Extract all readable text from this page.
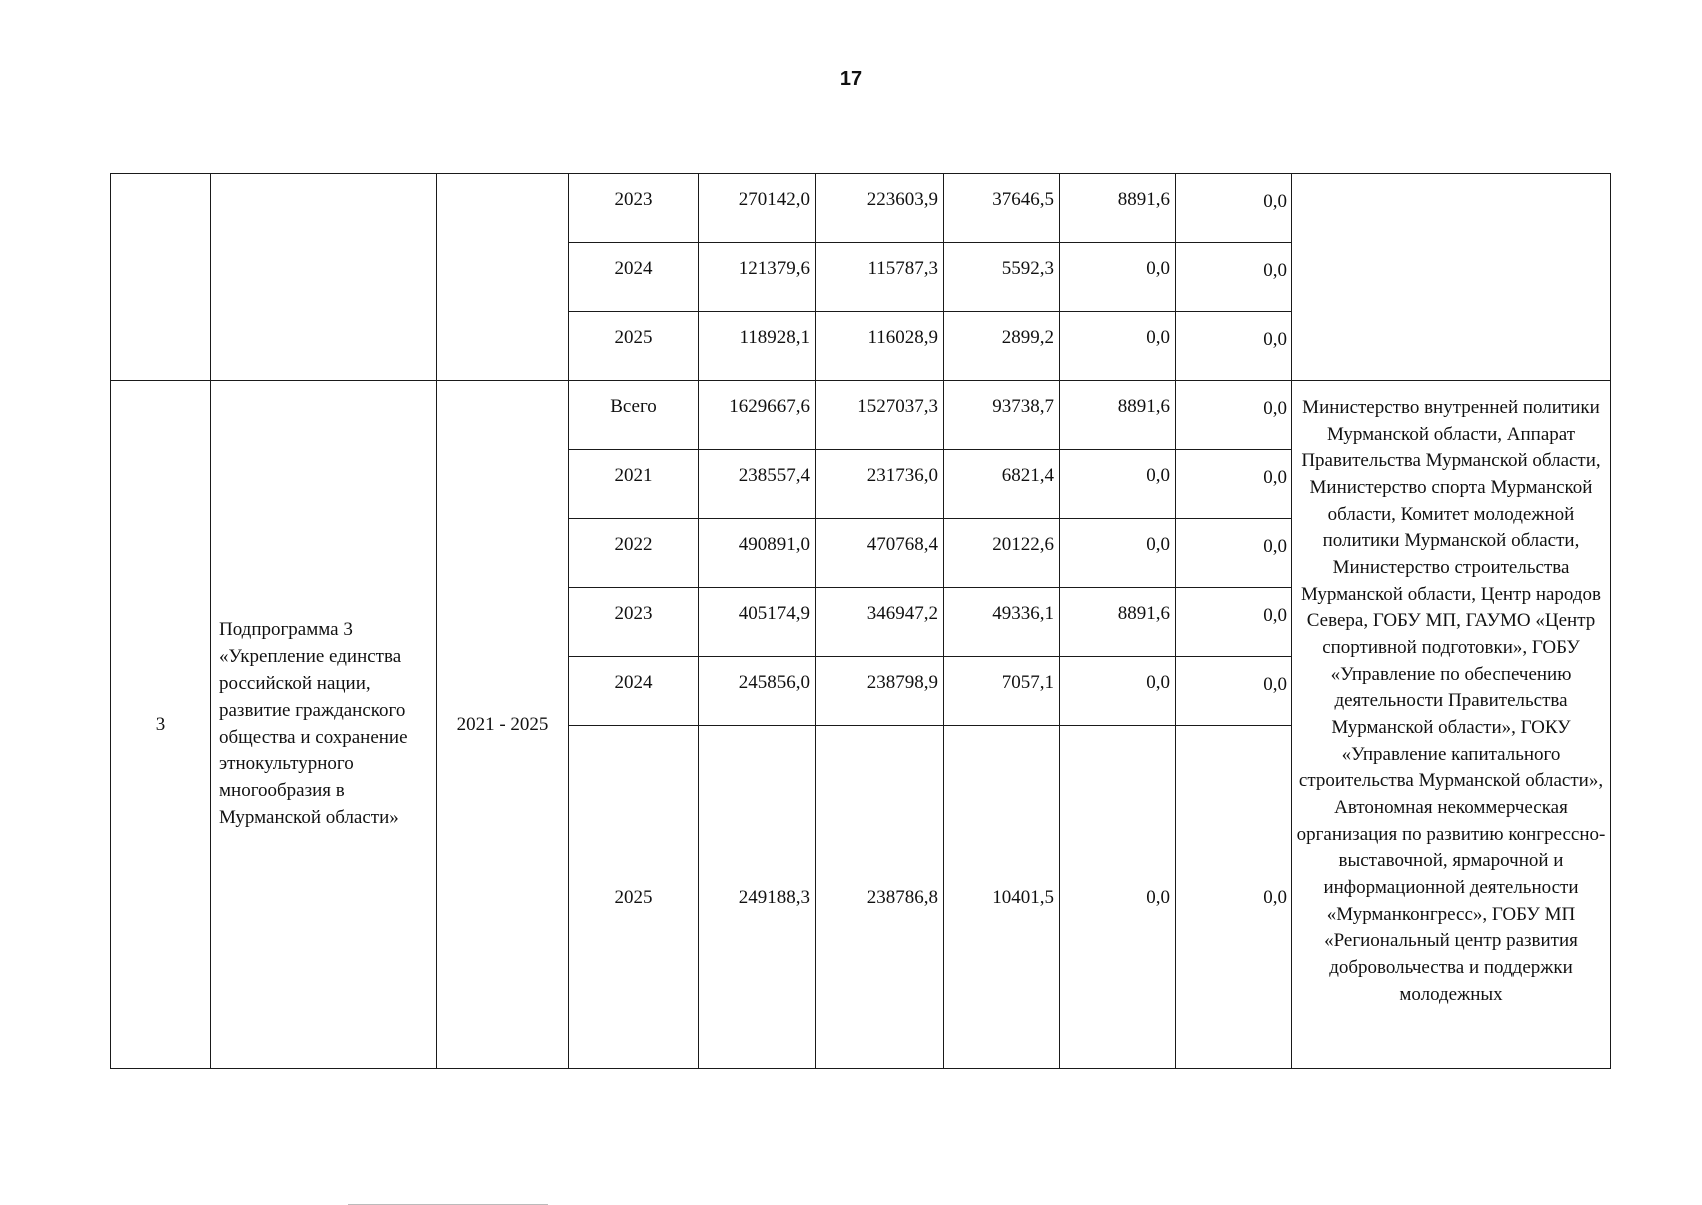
17
			2023	270142,0	223603,9	37646,5	8891,6	0,0	
			2024	121379,6	115787,3	5592,3	0,0	0,0	
			2025	118928,1	116028,9	2899,2	0,0	0,0	
3	Подпрограмма 3 «Укрепление единства российской нации, развитие гражданского общества и сохранение этнокультурного многообразия в Мурманской области»	2021 - 2025	Всего	1629667,6	1527037,3	93738,7	8891,6	0,0	Министерство внутренней политики Мурманской области, Аппарат Правительства Мурманской области, Министерство спорта Мурманской области, Комитет молодежной политики Мурманской области, Министерство строительства Мурманской области, Центр народов Севера, ГОБУ МП, ГАУМО «Центр спортивной подготовки», ГОБУ «Управление по обеспечению деятельности Правительства Мурманской области», ГОКУ «Управление капитального строительства Мурманской области», Автономная некоммерческая организация по развитию конгрессно-выставочной, ярмарочной и информационной деятельности «Мурманконгресс», ГОБУ МП «Региональный центр развития добровольчества и поддержки молодежных
			2021	238557,4	231736,0	6821,4	0,0	0,0	
			2022	490891,0	470768,4	20122,6	0,0	0,0	
			2023	405174,9	346947,2	49336,1	8891,6	0,0	
			2024	245856,0	238798,9	7057,1	0,0	0,0	
			2025	249188,3	238786,8	10401,5	0,0	0,0	
